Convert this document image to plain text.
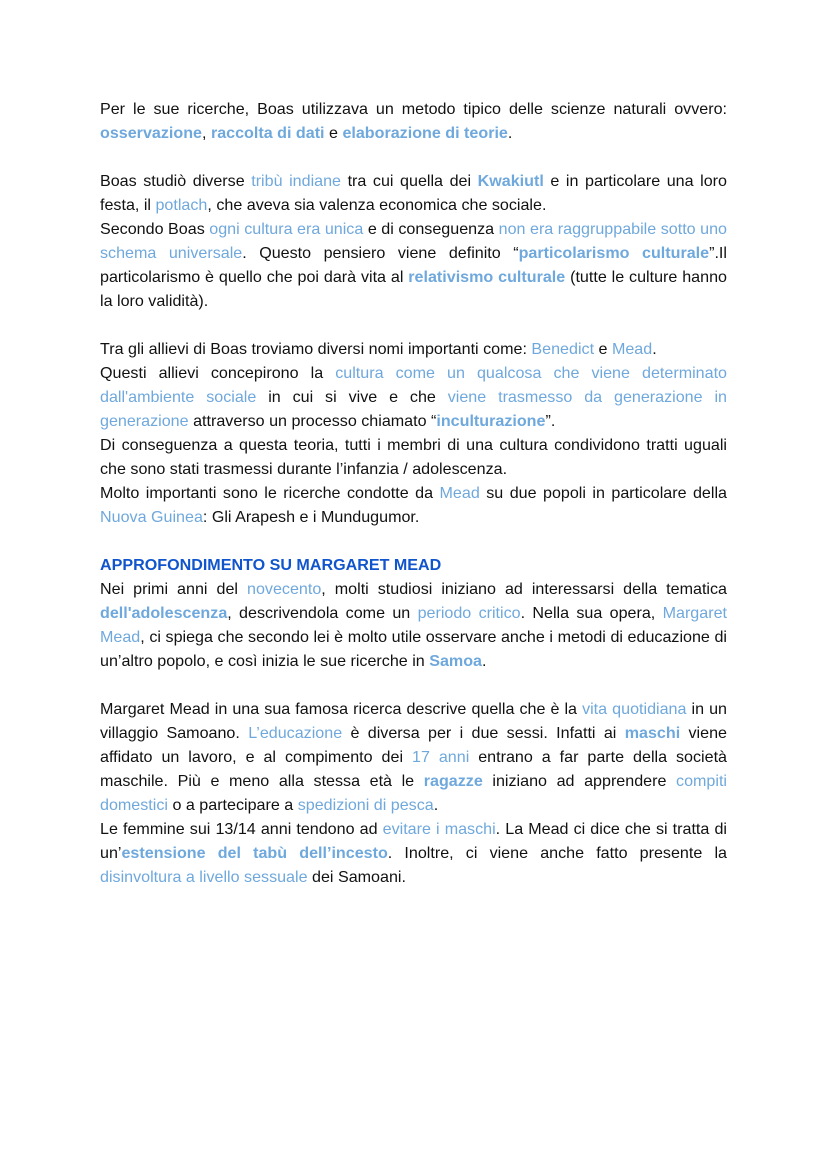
Per le sue ricerche, Boas utilizzava un metodo tipico delle scienze naturali ovvero: osservazione, raccolta di dati e elaborazione di teorie.

Boas studiò diverse tribù indiane tra cui quella dei Kwakiutl e in particolare una loro festa, il potlach, che aveva sia valenza economica che sociale.

Secondo Boas ogni cultura era unica e di conseguenza non era raggruppabile sotto uno schema universale. Questo pensiero viene definito “particolarismo culturale”.Il particolarismo è quello che poi darà vita al relativismo culturale (tutte le culture hanno la loro validità).

Tra gli allievi di Boas troviamo diversi nomi importanti come: Benedict e Mead.

Questi allievi concepirono la cultura come un qualcosa che viene determinato dall'ambiente sociale in cui si vive e che viene trasmesso da generazione in generazione attraverso un processo chiamato “inculturazione”.

Di conseguenza a questa teoria, tutti i membri di una cultura condividono tratti uguali che sono stati trasmessi durante l’infanzia / adolescenza.

Molto importanti sono le ricerche condotte da Mead su due popoli in particolare della Nuova Guinea: Gli Arapesh e i Mundugumor.

APPROFONDIMENTO SU MARGARET MEAD

Nei primi anni del novecento, molti studiosi iniziano ad interessarsi della tematica dell'adolescenza, descrivendola come un periodo critico. Nella sua opera, Margaret Mead, ci spiega che secondo lei è molto utile osservare anche i metodi di educazione di un’altro popolo, e così inizia le sue ricerche in Samoa.

Margaret Mead in una sua famosa ricerca descrive quella che è la vita quotidiana in un villaggio Samoano. L’educazione è diversa per i due sessi. Infatti ai maschi viene affidato un lavoro, e al compimento dei 17 anni entrano a far parte della società maschile. Più e meno alla stessa età le ragazze iniziano ad apprendere compiti domestici o a partecipare a spedizioni di pesca.

Le femmine sui 13/14 anni tendono ad evitare i maschi. La Mead ci dice che si tratta di un’estensione del tabù dell’incesto. Inoltre, ci viene anche fatto presente la disinvoltura a livello sessuale dei Samoani.
